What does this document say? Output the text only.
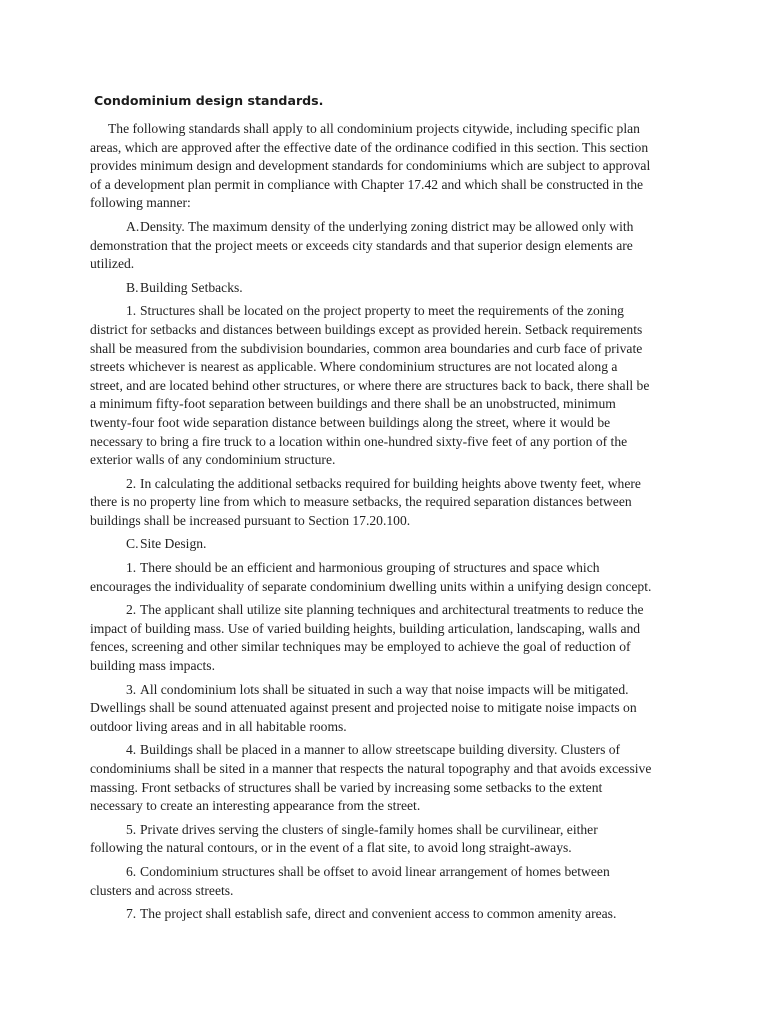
Condominium design standards.

The following standards shall apply to all condominium projects citywide, including specific plan areas, which are approved after the effective date of the ordinance codified in this section. This section provides minimum design and development standards for condominiums which are subject to approval of a development plan permit in compliance with Chapter 17.42 and which shall be constructed in the following manner:

A.Density. The maximum density of the underlying zoning district may be allowed only with demonstration that the project meets or exceeds city standards and that superior design elements are utilized.

B. Building Setbacks.

1. Structures shall be located on the project property to meet the requirements of the zoning district for setbacks and distances between buildings except as provided herein. Setback requirements shall be measured from the subdivision boundaries, common area boundaries and curb face of private streets whichever is nearest as applicable. Where condominium structures are not located along a street, and are located behind other structures, or where there are structures back to back, there shall be a minimum fifty-foot separation between buildings and there shall be an unobstructed, minimum twenty-four foot wide separation distance between buildings along the street, where it would be necessary to bring a fire truck to a location within one-hundred sixty-five feet of any portion of the exterior walls of any condominium structure.

2. In calculating the additional setbacks required for building heights above twenty feet, where there is no property line from which to measure setbacks, the required separation distances between buildings shall be increased pursuant to Section 17.20.100.

C. Site Design.

1. There should be an efficient and harmonious grouping of structures and space which encourages the individuality of separate condominium dwelling units within a unifying design concept.

2. The applicant shall utilize site planning techniques and architectural treatments to reduce the impact of building mass. Use of varied building heights, building articulation, landscaping, walls and fences, screening and other similar techniques may be employed to achieve the goal of reduction of building mass impacts.

3. All condominium lots shall be situated in such a way that noise impacts will be mitigated. Dwellings shall be sound attenuated against present and projected noise to mitigate noise impacts on outdoor living areas and in all habitable rooms.

4. Buildings shall be placed in a manner to allow streetscape building diversity. Clusters of condominiums shall be sited in a manner that respects the natural topography and that avoids excessive massing. Front setbacks of structures shall be varied by increasing some setbacks to the extent necessary to create an interesting appearance from the street.

5. Private drives serving the clusters of single-family homes shall be curvilinear, either following the natural contours, or in the event of a flat site, to avoid long straight-aways.

6. Condominium structures shall be offset to avoid linear arrangement of homes between clusters and across streets.

7. The project shall establish safe, direct and convenient access to common amenity areas.
